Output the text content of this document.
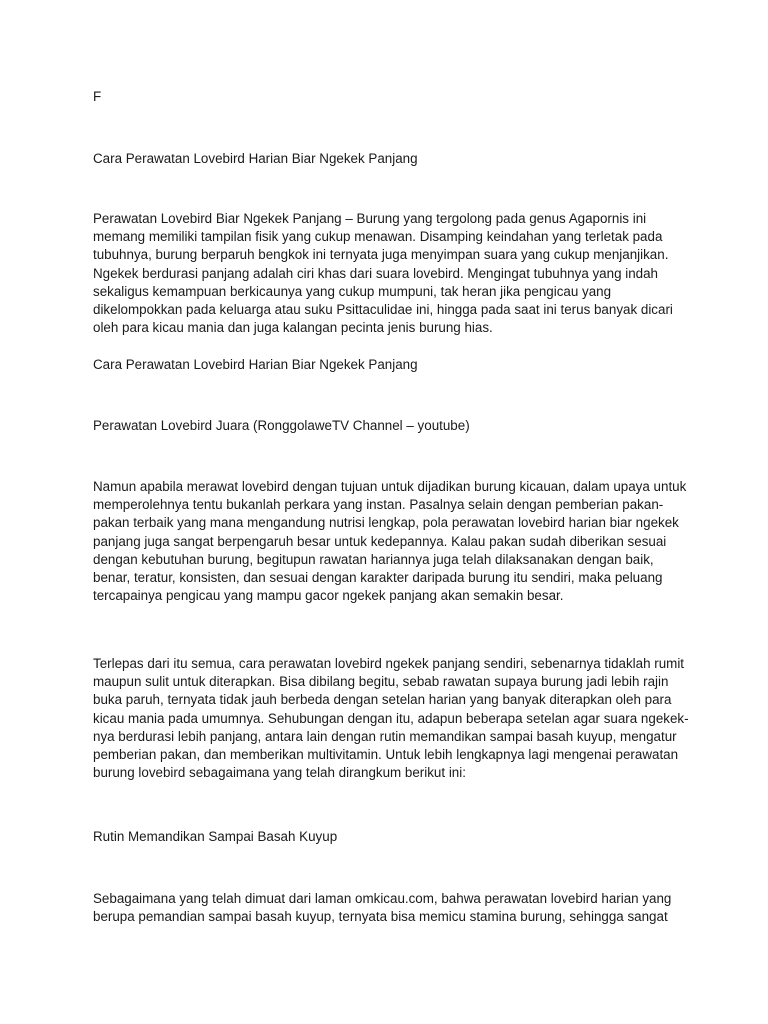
F
Cara Perawatan Lovebird Harian Biar Ngekek Panjang
Perawatan Lovebird Biar Ngekek Panjang – Burung yang tergolong pada genus Agapornis ini
memang memiliki tampilan fisik yang cukup menawan. Disamping keindahan yang terletak pada
tubuhnya, burung berparuh bengkok ini ternyata juga menyimpan suara yang cukup menjanjikan.
Ngekek berdurasi panjang adalah ciri khas dari suara lovebird. Mengingat tubuhnya yang indah
sekaligus kemampuan berkicaunya yang cukup mumpuni, tak heran jika pengicau yang
dikelompokkan pada keluarga atau suku Psittaculidae ini, hingga pada saat ini terus banyak dicari
oleh para kicau mania dan juga kalangan pecinta jenis burung hias.
Cara Perawatan Lovebird Harian Biar Ngekek Panjang
Perawatan Lovebird Juara (RonggolaweTV Channel – youtube)
Namun apabila merawat lovebird dengan tujuan untuk dijadikan burung kicauan, dalam upaya untuk
memperolehnya tentu bukanlah perkara yang instan. Pasalnya selain dengan pemberian pakan-
pakan terbaik yang mana mengandung nutrisi lengkap, pola perawatan lovebird harian biar ngekek
panjang juga sangat berpengaruh besar untuk kedepannya. Kalau pakan sudah diberikan sesuai
dengan kebutuhan burung, begitupun rawatan hariannya juga telah dilaksanakan dengan baik,
benar, teratur, konsisten, dan sesuai dengan karakter daripada burung itu sendiri, maka peluang
tercapainya pengicau yang mampu gacor ngekek panjang akan semakin besar.
Terlepas dari itu semua, cara perawatan lovebird ngekek panjang sendiri, sebenarnya tidaklah rumit
maupun sulit untuk diterapkan. Bisa dibilang begitu, sebab rawatan supaya burung jadi lebih rajin
buka paruh, ternyata tidak jauh berbeda dengan setelan harian yang banyak diterapkan oleh para
kicau mania pada umumnya. Sehubungan dengan itu, adapun beberapa setelan agar suara ngekek-
nya berdurasi lebih panjang, antara lain dengan rutin memandikan sampai basah kuyup, mengatur
pemberian pakan, dan memberikan multivitamin. Untuk lebih lengkapnya lagi mengenai perawatan
burung lovebird sebagaimana yang telah dirangkum berikut ini:
Rutin Memandikan Sampai Basah Kuyup
Sebagaimana yang telah dimuat dari laman omkicau.com, bahwa perawatan lovebird harian yang
berupa pemandian sampai basah kuyup, ternyata bisa memicu stamina burung, sehingga sangat
